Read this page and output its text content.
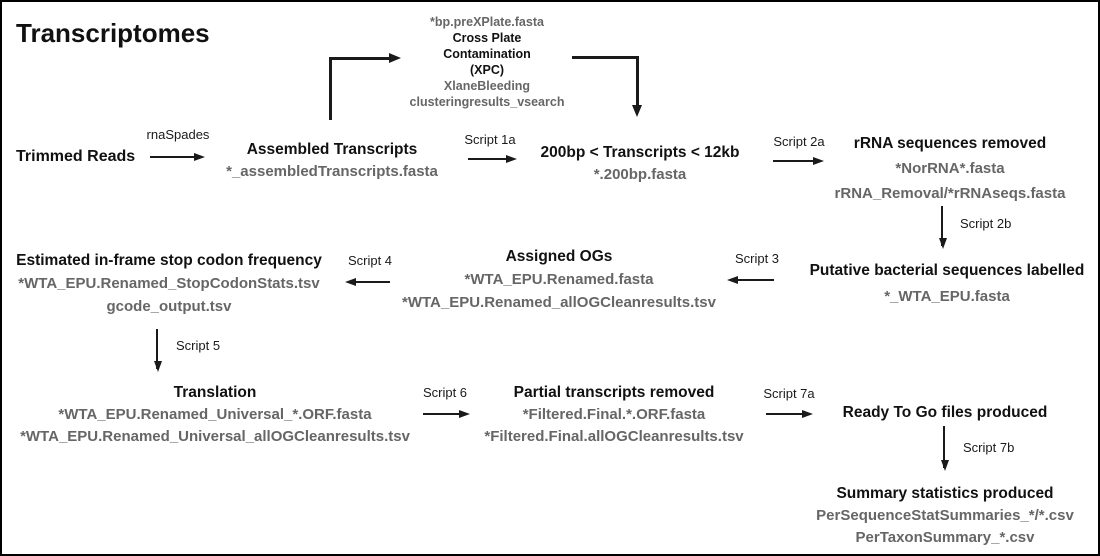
Transcriptomes
Trimmed Reads
rnaSpades
Assembled Transcripts
*_assembledTranscripts.fasta
*bp.preXPlate.fasta
Cross Plate
Contamination
(XPC)
XlaneBleeding
clusteringresults_vsearch
Script 1a
200bp < Transcripts < 12kb
*.200bp.fasta
Script 2a	rRNA sequences removed
*NorRNA*.fasta
rRNA_Removal/*rRNAseqs.fasta
Script 2b
Putative bacterial sequences labelled
*_WTA_EPU.fasta
Script 3
Assigned OGs
*WTA_EPU.Renamed.fasta
*WTA_EPU.Renamed_allOGCleanresults.tsv
Script 4
Estimated in-frame stop codon frequency
*WTA_EPU.Renamed_StopCodonStats.tsv
gcode_output.tsv
Script 5
Translation
*WTA_EPU.Renamed_Universal_*.ORF.fasta
*WTA_EPU.Renamed_Universal_allOGCleanresults.tsv
Script 6	Partial transcripts removed
*Filtered.Final.*.ORF.fasta
*Filtered.Final.allOGCleanresults.tsv
Script 7a
Ready To Go files produced
Script 7b
Summary statistics produced
PerSequenceStatSummaries_*/*.csv
PerTaxonSummary_*.csv
